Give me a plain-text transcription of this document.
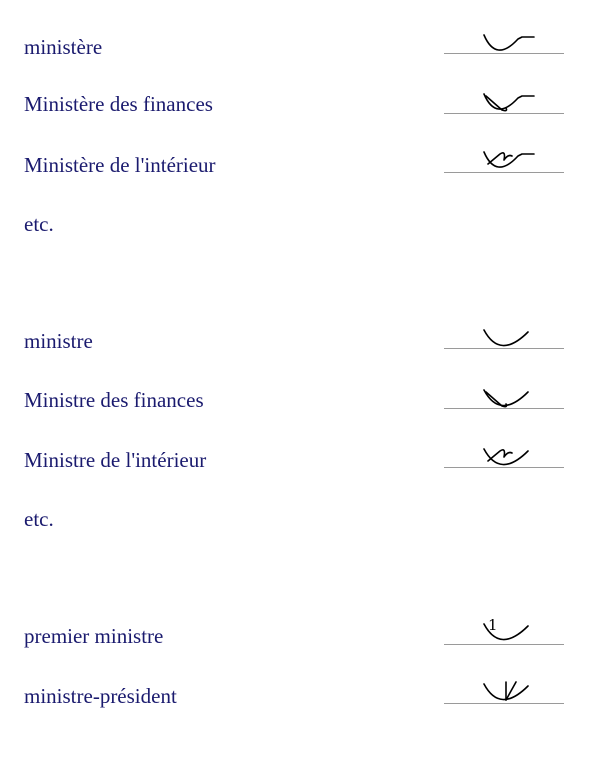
ministère
Ministère des finances
Ministère de l'intérieur
etc.
ministre
Ministre des finances
Ministre de l'intérieur
etc.
premier ministre	1
ministre-président
